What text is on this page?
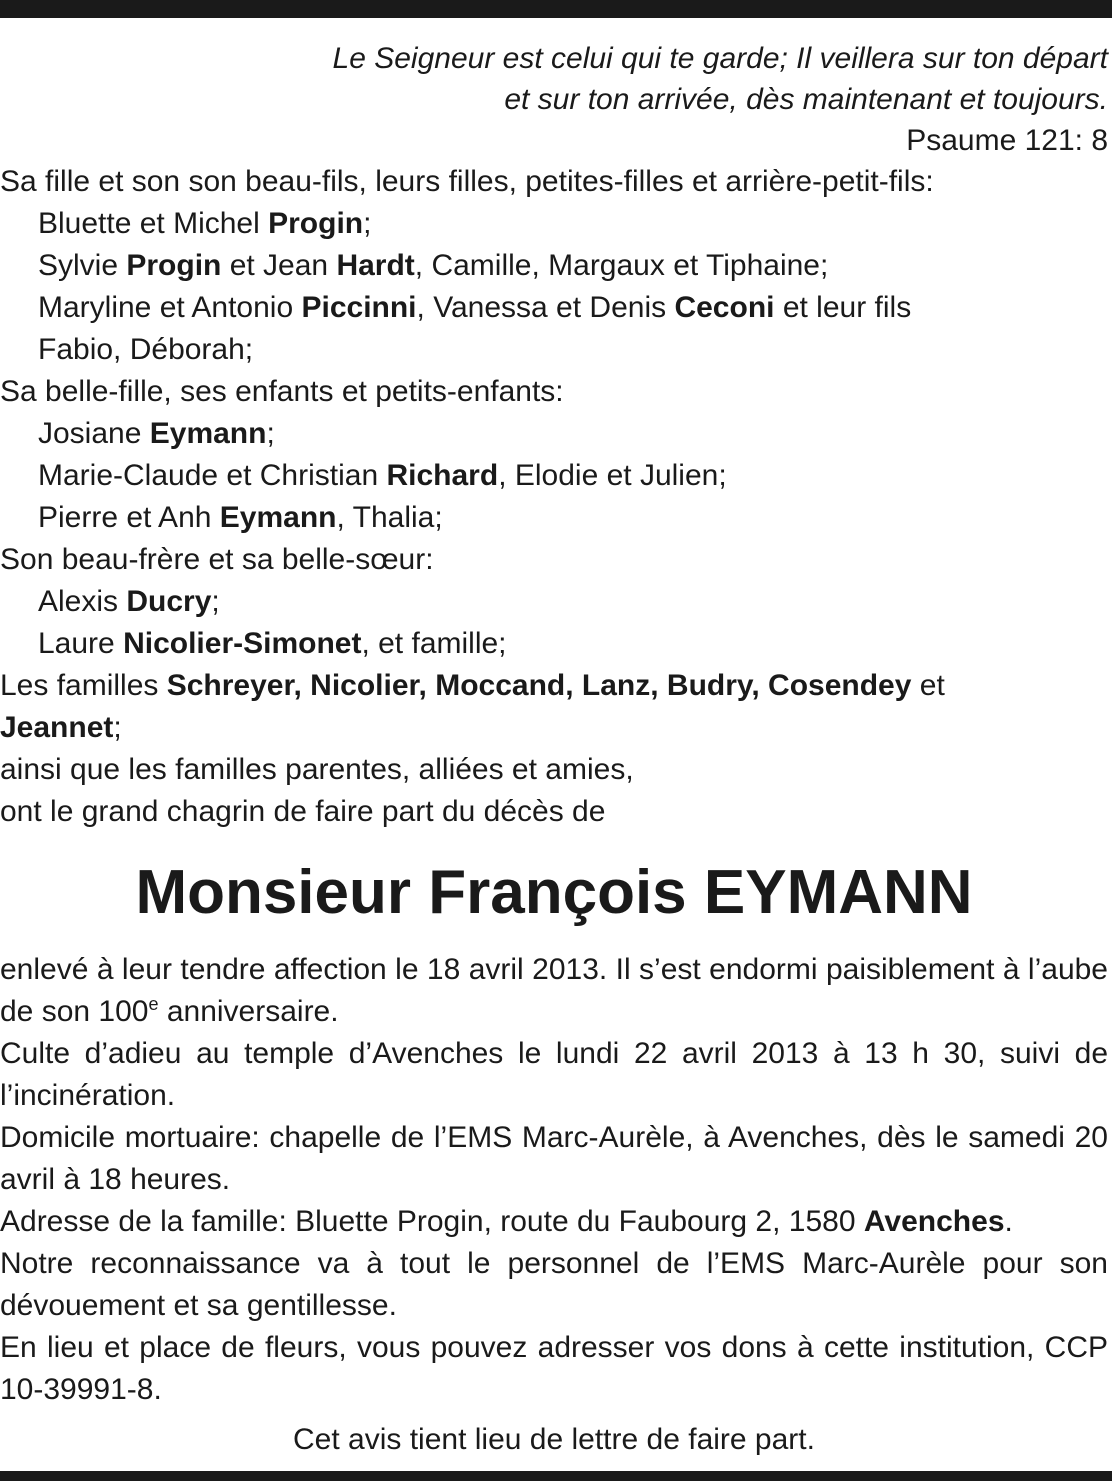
Le Seigneur est celui qui te garde; Il veillera sur ton départ
et sur ton arrivée, dès maintenant et toujours.
Psaume 121: 8
Sa fille et son son beau-fils, leurs filles, petites-filles et arrière-petit-fils:
Bluette et Michel Progin;
Sylvie Progin et Jean Hardt, Camille, Margaux et Tiphaine;
Maryline et Antonio Piccinni, Vanessa et Denis Ceconi et leur fils
Fabio, Déborah;
Sa belle-fille, ses enfants et petits-enfants:
Josiane Eymann;
Marie-Claude et Christian Richard, Elodie et Julien;
Pierre et Anh Eymann, Thalia;
Son beau-frère et sa belle-sœur:
Alexis Ducry;
Laure Nicolier-Simonet, et famille;
Les familles Schreyer, Nicolier, Moccand, Lanz, Budry, Cosendey et
Jeannet;
ainsi que les familles parentes, alliées et amies,
ont le grand chagrin de faire part du décès de
Monsieur François EYMANN
enlevé à leur tendre affection le 18 avril 2013. Il s’est endormi paisiblement à l’aube de son 100e anniversaire.
Culte d’adieu au temple d’Avenches le lundi 22 avril 2013 à 13 h 30, suivi de l’incinération.
Domicile mortuaire: chapelle de l’EMS Marc-Aurèle, à Avenches, dès le samedi 20 avril à 18 heures.
Adresse de la famille: Bluette Progin, route du Faubourg 2, 1580 Avenches.
Notre reconnaissance va à tout le personnel de l’EMS Marc-Aurèle pour son dévouement et sa gentillesse.
En lieu et place de fleurs, vous pouvez adresser vos dons à cette institution, CCP 10-39991-8.
Cet avis tient lieu de lettre de faire part.
